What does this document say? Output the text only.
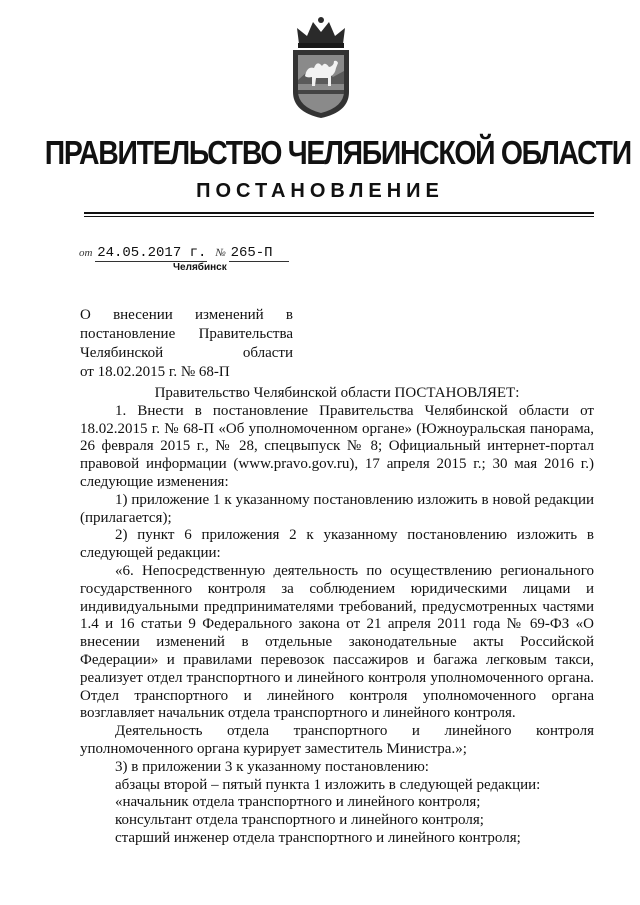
ПРАВИТЕЛЬСТВО ЧЕЛЯБИНСКОЙ ОБЛАСТИ
ПОСТАНОВЛЕНИЕ
от 24.05.2017 г. № 265-П
Челябинск
О внесении изменений в
постановление Правительства
Челябинской области
от 18.02.2015 г. № 68-П

Правительство Челябинской области ПОСТАНОВЛЯЕТ:

1. Внести в постановление Правительства Челябинской области от 18.02.2015 г. № 68-П «Об уполномоченном органе» (Южноуральская панорама, 26 февраля 2015 г., № 28, спецвыпуск № 8; Официальный интернет-портал правовой информации (www.pravo.gov.ru), 17 апреля 2015 г.; 30 мая 2016 г.) следующие изменения:

1) приложение 1 к указанному постановлению изложить в новой редакции (прилагается);

2) пункт 6 приложения 2 к указанному постановлению изложить в следующей редакции:

«6. Непосредственную деятельность по осуществлению регионального государственного контроля за соблюдением юридическими лицами и индивидуальными предпринимателями требований, предусмотренных частями 1.4 и 16 статьи 9 Федерального закона от 21 апреля 2011 года № 69-ФЗ «О внесении изменений в отдельные законодательные акты Российской Федерации» и правилами перевозок пассажиров и багажа легковым такси, реализует отдел транспортного и линейного контроля уполномоченного органа. Отдел транспортного и линейного контроля уполномоченного органа возглавляет начальник отдела транспортного и линейного контроля.

Деятельность отдела транспортного и линейного контроля уполномоченного органа курирует заместитель Министра.»;

3) в приложении 3 к указанному постановлению:

абзацы второй – пятый пункта 1 изложить в следующей редакции:

«начальник отдела транспортного и линейного контроля;

консультант отдела транспортного и линейного контроля;

старший инженер отдела транспортного и линейного контроля;
